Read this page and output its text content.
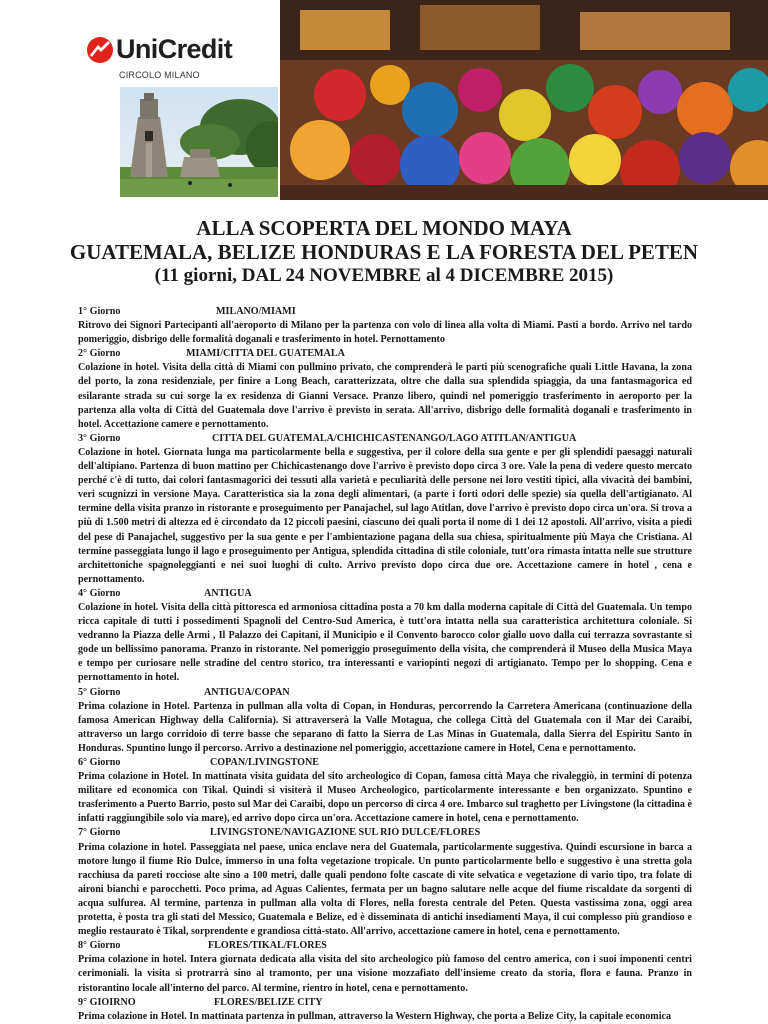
UniCredit
CIRCOLO MILANO
ALLA SCOPERTA DEL MONDO MAYA
GUATEMALA, BELIZE HONDURAS E LA FORESTA DEL PETEN
(11 giorni, DAL 24 NOVEMBRE al 4 DICEMBRE 2015)
1° Giorno	MILANO/MIAMI

Ritrovo dei Signori Partecipanti all'aeroporto di Milano per la partenza con volo di linea alla volta di Miami. Pasti a bordo. Arrivo nel tardo pomeriggio, disbrigo delle formalità doganali e trasferimento in hotel. Pernottamento

2° Giorno	MIAMI/CITTA DEL GUATEMALA

Colazione in hotel. Visita della città di Miami con pullmino privato, che comprenderà le parti più scenografiche quali Little Havana, la zona del porto, la zona residenziale, per finire a Long Beach, caratterizzata, oltre che dalla sua splendida spiaggia, da una fantasmagorica ed esilarante strada su cui sorge la ex residenza di Gianni Versace. Pranzo libero, quindi nel pomeriggio trasferimento in aeroporto per la partenza alla volta di Città del Guatemala dove l'arrivo è previsto in serata. All'arrivo, disbrigo delle formalità doganali e trasferimento in hotel. Accettazione camere e pernottamento.

3° Giorno	CITTA DEL GUATEMALA/CHICHICASTENANGO/LAGO ATITLAN/ANTIGUA

Colazione in hotel. Giornata lunga ma particolarmente bella e suggestiva, per il colore della sua gente e per gli splendidi paesaggi naturali dell'altipiano. Partenza di buon mattino per Chichicastenango dove l'arrivo è previsto dopo circa 3 ore. Vale la pena di vedere questo mercato perché c'è di tutto, dai colori fantasmagorici dei tessuti alla varietà e peculiarità delle persone nei loro vestiti tipici, alla vivacità dei bambini, veri scugnizzi in versione Maya. Caratteristica sia la zona degli alimentari, (a parte i forti odori delle spezie) sia quella dell'artigianato. Al termine della visita pranzo in ristorante e proseguimento per Panajachel, sul lago Atitlan, dove l'arrivo è previsto dopo circa un'ora. Si trova a più di 1.500 metri di altezza ed è circondato da 12 piccoli paesini, ciascuno dei quali porta il nome di 1 dei 12 apostoli. All'arrivo, visita a piedi del pese di Panajachel, suggestivo per la sua gente e per l'ambientazione pagana della sua chiesa, spiritualmente più Maya che Cristiana. Al termine passeggiata lungo il lago e proseguimento per Antigua, splendida cittadina di stile coloniale, tutt'ora rimasta intatta nelle sue strutture architettoniche spagnoleggianti e nei suoi luoghi di culto. Arrivo previsto dopo circa due ore. Accettazione camere in hotel , cena e pernottamento.

4° Giorno	ANTIGUA

Colazione in hotel. Visita della città pittoresca ed armoniosa cittadina posta a 70 km dalla moderna capitale di Città del Guatemala. Un tempo ricca capitale di tutti i possedimenti Spagnoli del Centro-Sud America, è tutt'ora intatta nella sua caratteristica architettura coloniale. Si vedranno la Piazza delle Armi , Il Palazzo dei Capitani, il Municipio e il Convento barocco color giallo uovo dalla cui terrazza sovrastante si gode un bellissimo panorama. Pranzo in ristorante. Nel pomeriggio proseguimento della visita, che comprenderà il Museo della Musica Maya e tempo per curiosare nelle stradine del centro storico, tra interessanti e variopinti negozi di artigianato. Tempo per lo shopping. Cena e pernottamento in hotel.

5° Giorno	ANTIGUA/COPAN

Prima colazione in Hotel. Partenza in pullman alla volta di Copan, in Honduras, percorrendo la Carretera Americana (continuazione della famosa American Highway della California). Si attraverserà la Valle Motagua, che collega Città del Guatemala con il Mar dei Caraibi, attraverso un largo corridoio di terre basse che separano di fatto la Sierra de Las Minas in Guatemala, dalla Sierra del Espiritu Santo in Honduras. Spuntino lungo il percorso. Arrivo a destinazione nel pomeriggio, accettazione camere in Hotel, Cena e pernottamento.

6° Giorno	COPAN/LIVINGSTONE

Prima colazione in Hotel. In mattinata visita guidata del sito archeologico di Copan, famosa città Maya che rivaleggiò, in termini di potenza militare ed economica con Tikal. Quindi si visiterà il Museo Archeologico, particolarmente interessante e ben organizzato. Spuntino e trasferimento a Puerto Barrio, posto sul Mar dei Caraibi, dopo un percorso di circa 4 ore. Imbarco sul traghetto per Livingstone (la cittadina è infatti raggiungibile solo via mare), ed arrivo dopo circa un'ora. Accettazione camere in hotel, cena e pernottamento.

7° Giorno	LIVINGSTONE/NAVIGAZIONE SUL RIO DULCE/FLORES

Prima colazione in hotel. Passeggiata nel paese, unica enclave nera del Guatemala, particolarmente suggestiva. Quindi escursione in barca a motore lungo il fiume Rio Dulce, immerso in una folta vegetazione tropicale. Un punto particolarmente bello e suggestivo è una stretta gola racchiusa da pareti rocciose alte sino a 100 metri, dalle quali pendono folte cascate di vite selvatica e vegetazione di vario tipo, tra folate di aironi bianchi e parocchetti. Poco prima, ad Aguas Calientes, fermata per un bagno salutare nelle acque del fiume riscaldate da sorgenti di acqua sulfurea. Al termine, partenza in pullman alla volta di Flores, nella foresta centrale del Peten. Questa vastissima zona, oggi area protetta, è posta tra gli stati del Messico, Guatemala e Belize, ed è disseminata di antichi insediamenti Maya, il cui complesso più grandioso e meglio restaurato è Tikal, sorprendente e grandiosa città-stato. All'arrivo, accettazione camere in hotel, cena e pernottamento.

8° Giorno	FLORES/TIKAL/FLORES

Prima colazione in hotel. Intera giornata dedicata alla visita del sito archeologico più famoso del centro america, con i suoi imponenti centri cerimoniali. la visita si protrarrà sino al tramonto, per una visione mozzafiato dell'insieme creato da storia, flora e fauna. Pranzo in ristorantino locale all'interno del parco. Al termine, rientro in hotel, cena e pernottamento.

9° GIOIRNO	FLORES/BELIZE CITY

Prima colazione in Hotel. In mattinata partenza in pullman, attraverso la Western Highway, che porta a Belize City, la capitale economica
